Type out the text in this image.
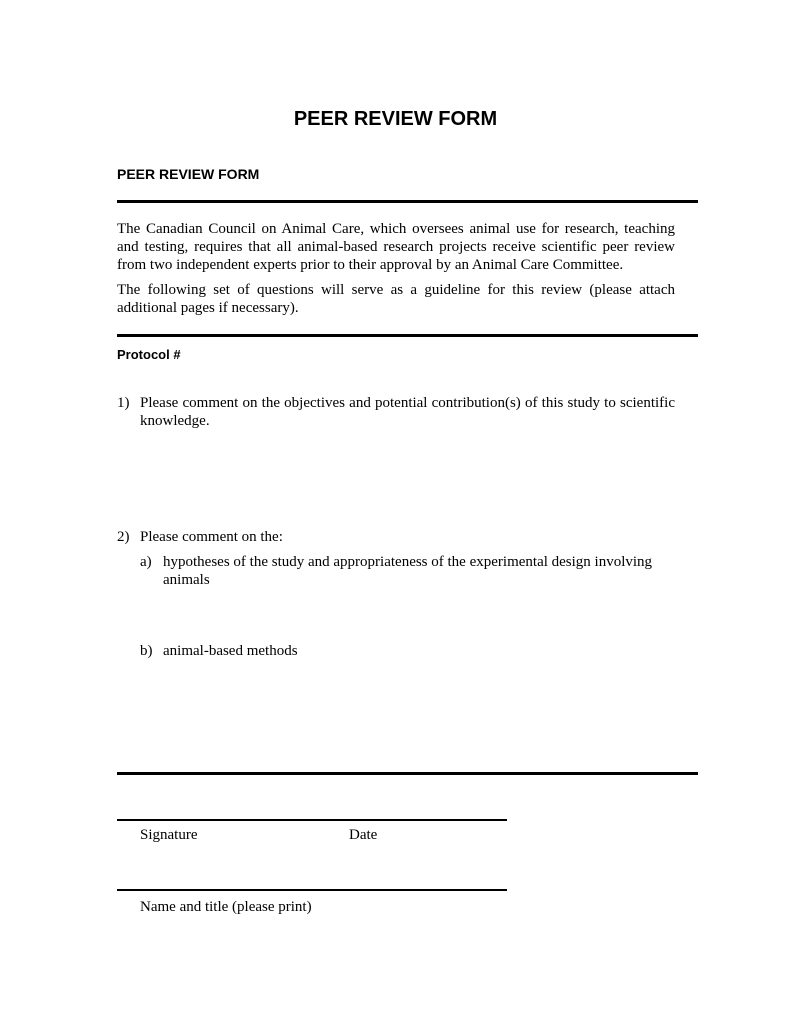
PEER REVIEW FORM
PEER REVIEW FORM
The Canadian Council on Animal Care, which oversees animal use for research, teaching and testing, requires that all animal-based research projects receive scientific peer review from two independent experts prior to their approval by an Animal Care Committee.
The following set of questions will serve as a guideline for this review (please attach additional pages if necessary).
Protocol #
1) Please comment on the objectives and potential contribution(s) of this study to scientific knowledge.
2) Please comment on the:
a) hypotheses of the study and appropriateness of the experimental design involving animals
b) animal-based methods
Signature	Date
Name and title (please print)
